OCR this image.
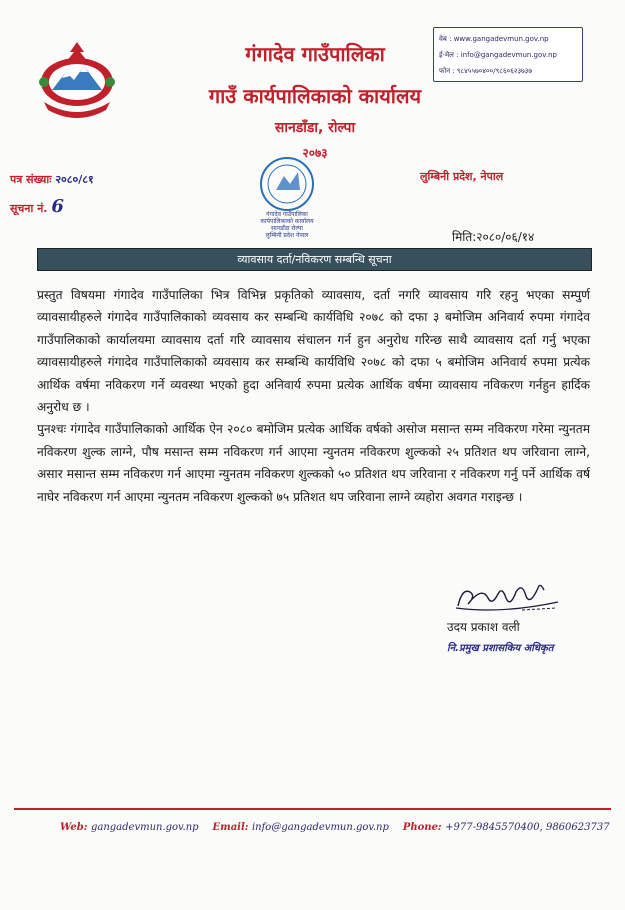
गंगादेव गाउँपालिका
गाउँ कार्यपालिकाको कार्यालय
सानडाँडा, रोल्पा
२०७३
वेब : www.gangadevmun.gov.np
ई-मेल : info@gangadevmun.gov.np
फोन : ९८४५५७०४००/९८६०६२३७३७
लुम्बिनी प्रदेश, नेपाल
पत्र संख्याः २०८०/८१
सूचना नं. 6	गंगादेव गाउँपालिका
कार्यपालिकाको कार्यालय
सानडाँडा रोल्पा
लुम्बिनी प्रदेश नेपाल	मिति:२०८०/०६/१४
व्यावसाय दर्ता/नविकरण सम्बन्धि सूचना

प्रस्तुत विषयमा गंगादेव गाउँपालिका भित्र विभिन्न प्रकृतिको व्यावसाय, दर्ता नगरि व्यावसाय गरि रहनु भएका सम्पुर्ण व्यावसायीहरुले गंगादेव गाउँपालिकाको व्यवसाय कर सम्बन्धि कार्यविधि २०७८ को दफा ३ बमोजिम अनिवार्य रुपमा गंगादेव गाउँपालिकाको कार्यालयमा व्यावसाय दर्ता गरि व्यावसाय संचालन गर्न हुन अनुरोध गरिन्छ साथै व्यावसाय दर्ता गर्नु भएका व्यावसायीहरुले गंगादेव गाउँपालिकाको व्यवसाय कर सम्बन्धि कार्यविधि २०७८ को दफा ५ बमोजिम अनिवार्य रुपमा प्रत्येक आर्थिक वर्षमा नविकरण गर्ने व्यवस्था भएको हुदा अनिवार्य रुपमा प्रत्येक आर्थिक वर्षमा व्यावसाय नविकरण गर्नहुन हार्दिक अनुरोध छ ।

पुनश्चः गंगादेव गाउँपालिकाको आर्थिक ऐन २०८० बमोजिम प्रत्येक आर्थिक वर्षको असोज मसान्त सम्म नविकरण गरेमा न्युनतम नविकरण शुल्क लाग्ने, पौष मसान्त सम्म नविकरण गर्न आएमा न्युनतम नविकरण शुल्कको २५ प्रतिशत थप जरिवाना लाग्ने, असार मसान्त सम्म नविकरण गर्न आएमा न्युनतम नविकरण शुल्कको ५० प्रतिशत थप जरिवाना र नविकरण गर्नु पर्ने आर्थिक वर्ष नाघेर नविकरण गर्न आएमा न्युनतम नविकरण शुल्कको ७५ प्रतिशत थप जरिवाना लाग्ने व्यहोरा अवगत गराइन्छ ।

उदय प्रकाश वली
नि.प्रमुख प्रशासकिय अधिकृत
Web: gangadevmun.gov.np Email: info@gangadevmun.gov.np Phone: +977-9845570400, 9860623737
